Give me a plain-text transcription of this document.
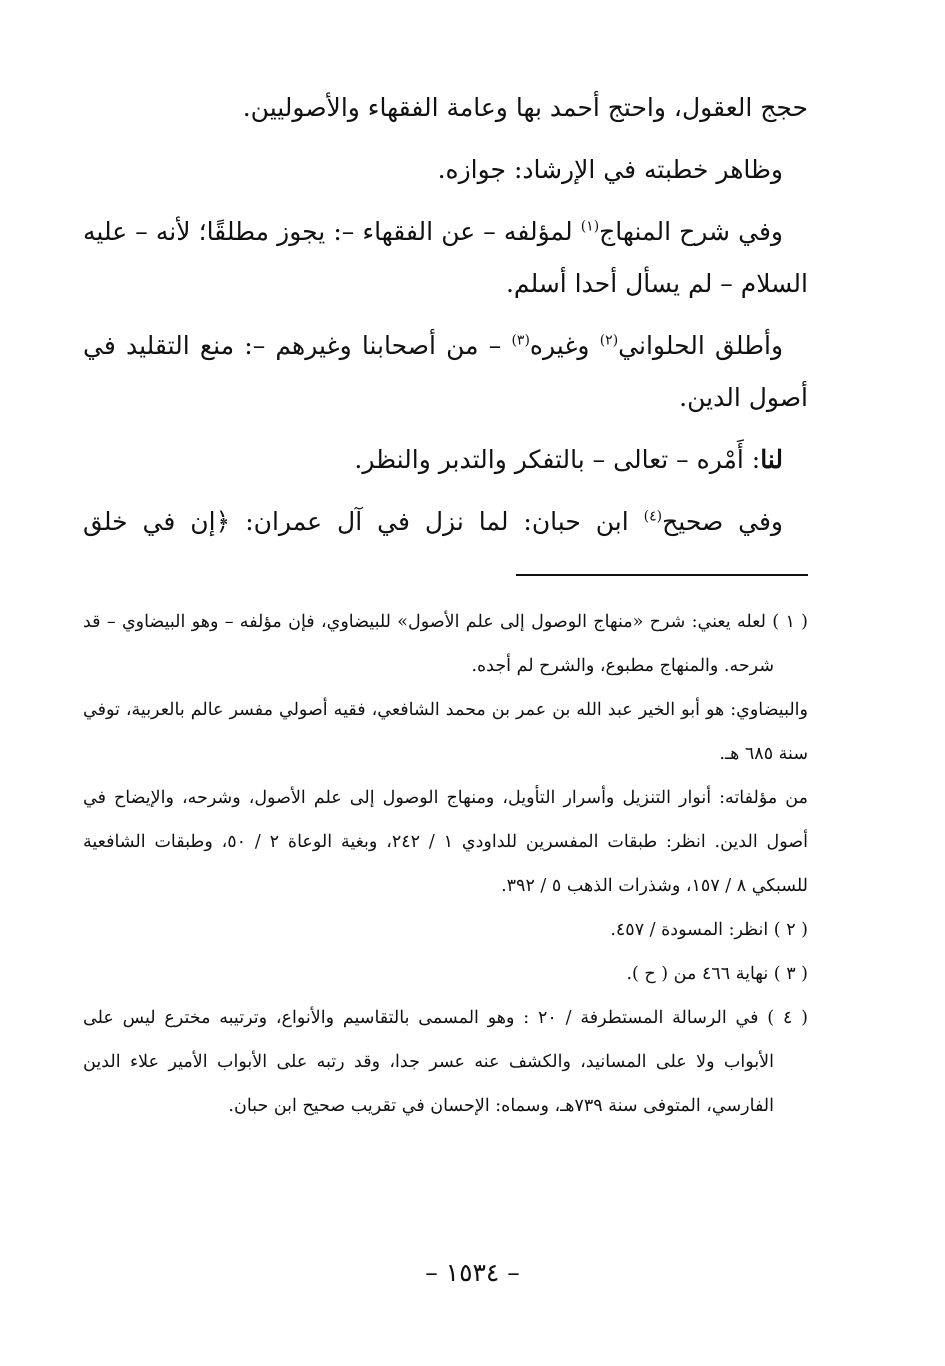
حجج العقول، واحتج أحمد بها وعامة الفقهاء والأصوليين.

وظاهر خطبته في الإرشاد: جوازه.

وفي شرح المنهاج$^{(١)}$ لمؤلفه – عن الفقهاء –: يجوز مطلقًا؛ لأنه – عليه السلام – لم يسأل أحدا أسلم.

وأطلق الحلواني$^{(٢)}$ وغيره$^{(٣)}$ – من أصحابنا وغيرهم –: منع التقليد في أصول الدين.

لنا: أَمْره – تعالى – بالتفكر والتدبر والنظر.

وفي صحيح$^{(٤)}$ ابن حبان: لما نزل في آل عمران: ﴿إن في خلق

( ١ ) لعله يعني: شرح «منهاج الوصول إلى علم الأصول» للبيضاوي، فإن مؤلفه – وهو البيضاوي – قد شرحه. والمنهاج مطبوع، والشرح لم أجده.

والبيضاوي: هو أبو الخير عبد الله بن عمر بن محمد الشافعي، فقيه أصولي مفسر عالم بالعربية، توفي سنة ٦٨٥ هـ.

من مؤلفاته: أنوار التنزيل وأسرار التأويل، ومنهاج الوصول إلى علم الأصول، وشرحه، والإيضاح في أصول الدين. انظر: طبقات المفسرين للداودي ١ / ٢٤٢، وبغية الوعاة ٢ / ٥٠، وطبقات الشافعية للسبكي ٨ / ١٥٧، وشذرات الذهب ٥ / ٣٩٢.

( ٢ ) انظر: المسودة / ٤٥٧.

( ٣ ) نهاية ٤٦٦ من ( ح ).

( ٤ ) في الرسالة المستطرفة / ٢٠ : وهو المسمى بالتقاسيم والأنواع، وترتيبه مخترع ليس على الأبواب ولا على المسانيد، والكشف عنه عسر جدا، وقد رتبه على الأبواب الأمير علاء الدين الفارسي، المتوفى سنة ٧٣٩هـ، وسماه: الإحسان في تقريب صحيح ابن حبان.

– ١٥٣٤ –
